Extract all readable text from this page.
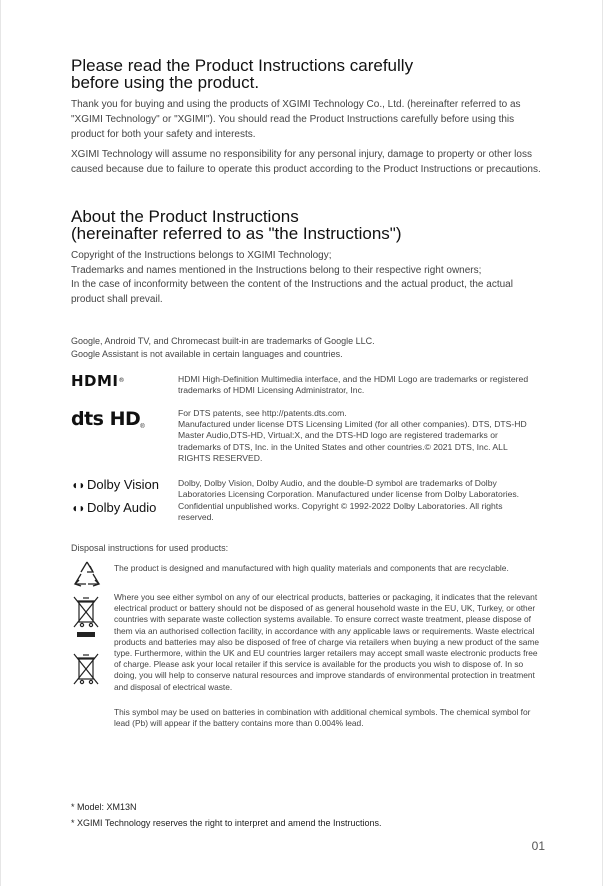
Please read the Product Instructions carefully
before using the product.
Thank you for buying and using the products of XGIMI Technology Co., Ltd. (hereinafter referred to as "XGIMI Technology" or "XGIMI"). You should read the Product Instructions carefully before using this product for both your safety and interests.
XGIMI Technology will assume no responsibility for any personal injury, damage to property or other loss caused because due to failure to operate this product according to the Product Instructions or precautions.
About the Product Instructions
(hereinafter referred to as "the Instructions")
Copyright of the Instructions belongs to XGIMI Technology;
Trademarks and names mentioned in the Instructions belong to their respective right owners;
In the case of inconformity between the content of the Instructions and the actual product, the actual product shall prevail.
Google, Android TV, and Chromecast built-in are trademarks of Google LLC.
Google Assistant is not available in certain languages and countries.
HDMI®	HDMI High-Definition Multimedia interface, and the HDMI Logo are trademarks or registered trademarks of HDMI Licensing Administrator, Inc.
dts HD®
For DTS patents, see http://patents.dts.com.
Manufactured under license DTS Licensing Limited (for all other companies). DTS, DTS-HD Master Audio,DTS-HD, Virtual:X, and the DTS-HD logo are registered trademarks or trademarks of DTS, Inc. in the United States and other countries.© 2021 DTS, Inc. ALL RIGHTS RESERVED.
◖◗ Dolby Vision
◖◗ Dolby Audio
Dolby, Dolby Vision, Dolby Audio, and the double-D symbol are trademarks of Dolby Laboratories Licensing Corporation. Manufactured under license from Dolby Laboratories. Confidential unpublished works. Copyright © 1992-2022 Dolby Laboratories. All rights reserved.
Disposal instructions for used products:
The product is designed and manufactured with high quality materials and components that are recyclable.
Where you see either symbol on any of our electrical products, batteries or packaging, it indicates that the relevant electrical product or battery should not be disposed of as general household waste in the EU, UK, Turkey, or other countries with separate waste collection systems available. To ensure correct waste treatment, please dispose of them via an authorised collection facility, in accordance with any applicable laws or requirements. Waste electrical products and batteries may also be disposed of free of charge via retailers when buying a new product of the same type. Furthermore, within the UK and EU countries larger retailers may accept small waste electronic products free of charge. Please ask your local retailer if this service is available for the products you wish to dispose of. In so doing, you will help to conserve natural resources and improve standards of environmental protection in treatment and disposal of electrical waste.
This symbol may be used on batteries in combination with additional chemical symbols. The chemical symbol for lead (Pb) will appear if the battery contains more than 0.004% lead.
* Model: XM13N
* XGIMI Technology reserves the right to interpret and amend the Instructions.
01
